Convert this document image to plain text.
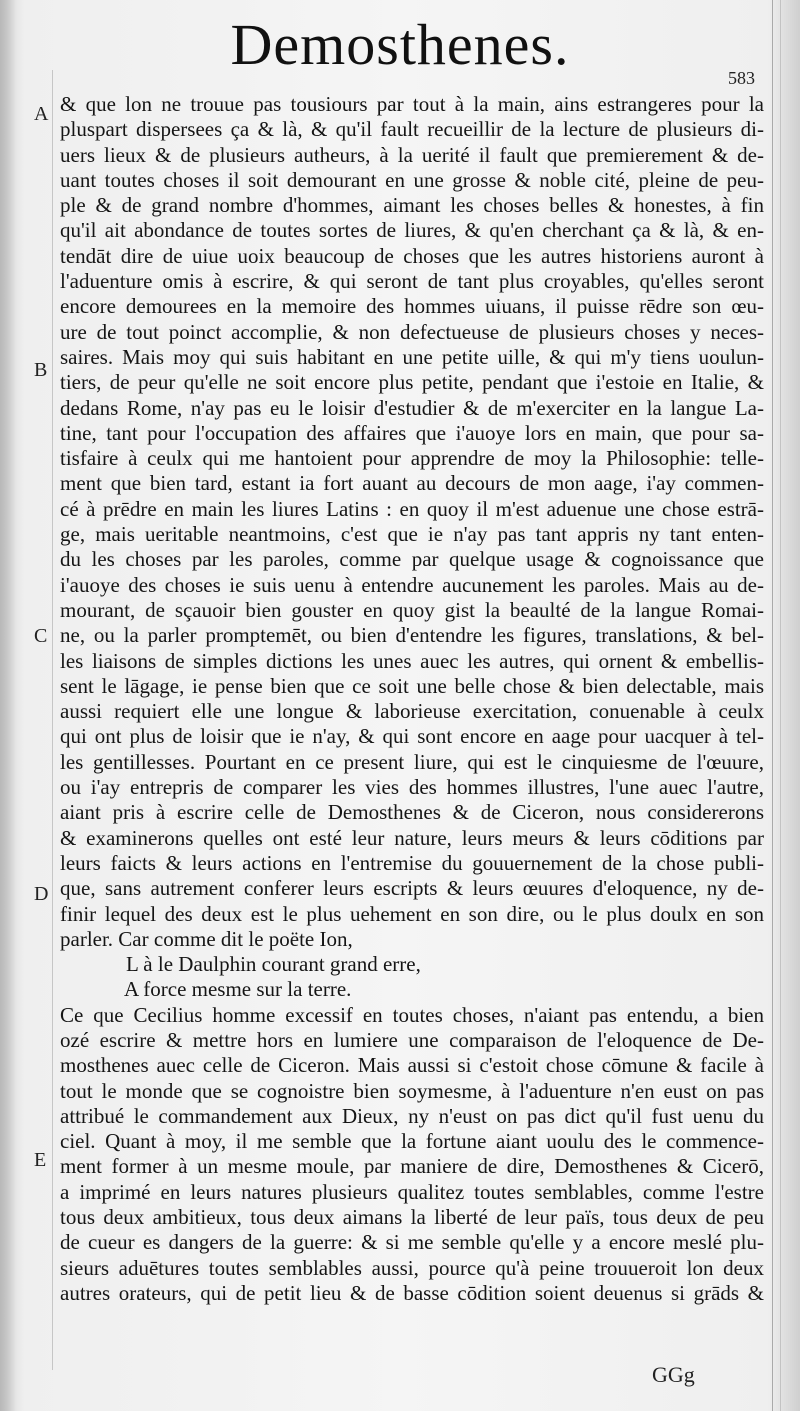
Demosthenes.
583
A
B
C
D
E
& que lon ne trouue pas tousiours par tout à la main, ains estrangeres pour la
pluspart dispersees ça & là, & qu'il fault recueillir de la lecture de plusieurs di-
uers lieux & de plusieurs autheurs, à la uerité il fault que premierement & de-
uant toutes choses il soit demourant en une grosse & noble cité, pleine de peu-
ple & de grand nombre d'hommes, aimant les choses belles & honestes, à fin
qu'il ait abondance de toutes sortes de liures, & qu'en cherchant ça & là, & en-
tendāt dire de uiue uoix beaucoup de choses que les autres historiens auront à
l'aduenture omis à escrire, & qui seront de tant plus croyables, qu'elles seront
encore demourees en la memoire des hommes uiuans, il puisse rēdre son œu-
ure de tout poinct accomplie, & non defectueuse de plusieurs choses y neces-
saires. Mais moy qui suis habitant en une petite uille, & qui m'y tiens uoulun-
tiers, de peur qu'elle ne soit encore plus petite, pendant que i'estoie en Italie, &
dedans Rome, n'ay pas eu le loisir d'estudier & de m'exerciter en la langue La-
tine, tant pour l'occupation des affaires que i'auoye lors en main, que pour sa-
tisfaire à ceulx qui me hantoient pour apprendre de moy la Philosophie: telle-
ment que bien tard, estant ia fort auant au decours de mon aage, i'ay commen-
cé à prēdre en main les liures Latins : en quoy il m'est aduenue une chose estrā-
ge, mais ueritable neantmoins, c'est que ie n'ay pas tant appris ny tant enten-
du les choses par les paroles, comme par quelque usage & cognoissance que
i'auoye des choses ie suis uenu à entendre aucunement les paroles. Mais au de-
mourant, de sçauoir bien gouster en quoy gist la beaulté de la langue Romai-
ne, ou la parler promptemēt, ou bien d'entendre les figures, translations, & bel-
les liaisons de simples dictions les unes auec les autres, qui ornent & embellis-
sent le lāgage, ie pense bien que ce soit une belle chose & bien delectable, mais
aussi requiert elle une longue & laborieuse exercitation, conuenable à ceulx
qui ont plus de loisir que ie n'ay, & qui sont encore en aage pour uacquer à tel-
les gentillesses. Pourtant en ce present liure, qui est le cinquiesme de l'œuure,
ou i'ay entrepris de comparer les vies des hommes illustres, l'une auec l'autre,
aiant pris à escrire celle de Demosthenes & de Ciceron, nous considererons
& examinerons quelles ont esté leur nature, leurs meurs & leurs cōditions par
leurs faicts & leurs actions en l'entremise du gouuernement de la chose publi-
que, sans autrement conferer leurs escripts & leurs œuures d'eloquence, ny de-
finir lequel des deux est le plus uehement en son dire, ou le plus doulx en son
parler. Car comme dit le poëte Ion,
L à le Daulphin courant grand erre,
A force mesme sur la terre.
Ce que Cecilius homme excessif en toutes choses, n'aiant pas entendu, a bien
ozé escrire & mettre hors en lumiere une comparaison de l'eloquence de De-
mosthenes auec celle de Ciceron. Mais aussi si c'estoit chose cōmune & facile à
tout le monde que se cognoistre bien soymesme, à l'aduenture n'en eust on pas
attribué le commandement aux Dieux, ny n'eust on pas dict qu'il fust uenu du
ciel. Quant à moy, il me semble que la fortune aiant uoulu des le commence-
ment former à un mesme moule, par maniere de dire, Demosthenes & Cicerō,
a imprimé en leurs natures plusieurs qualitez toutes semblables, comme l'estre
tous deux ambitieux, tous deux aimans la liberté de leur païs, tous deux de peu
de cueur es dangers de la guerre: & si me semble qu'elle y a encore meslé plu-
sieurs aduētures toutes semblables aussi, pource qu'à peine trouueroit lon deux
autres orateurs, qui de petit lieu & de basse cōdition soient deuenus si grāds &
GGg
